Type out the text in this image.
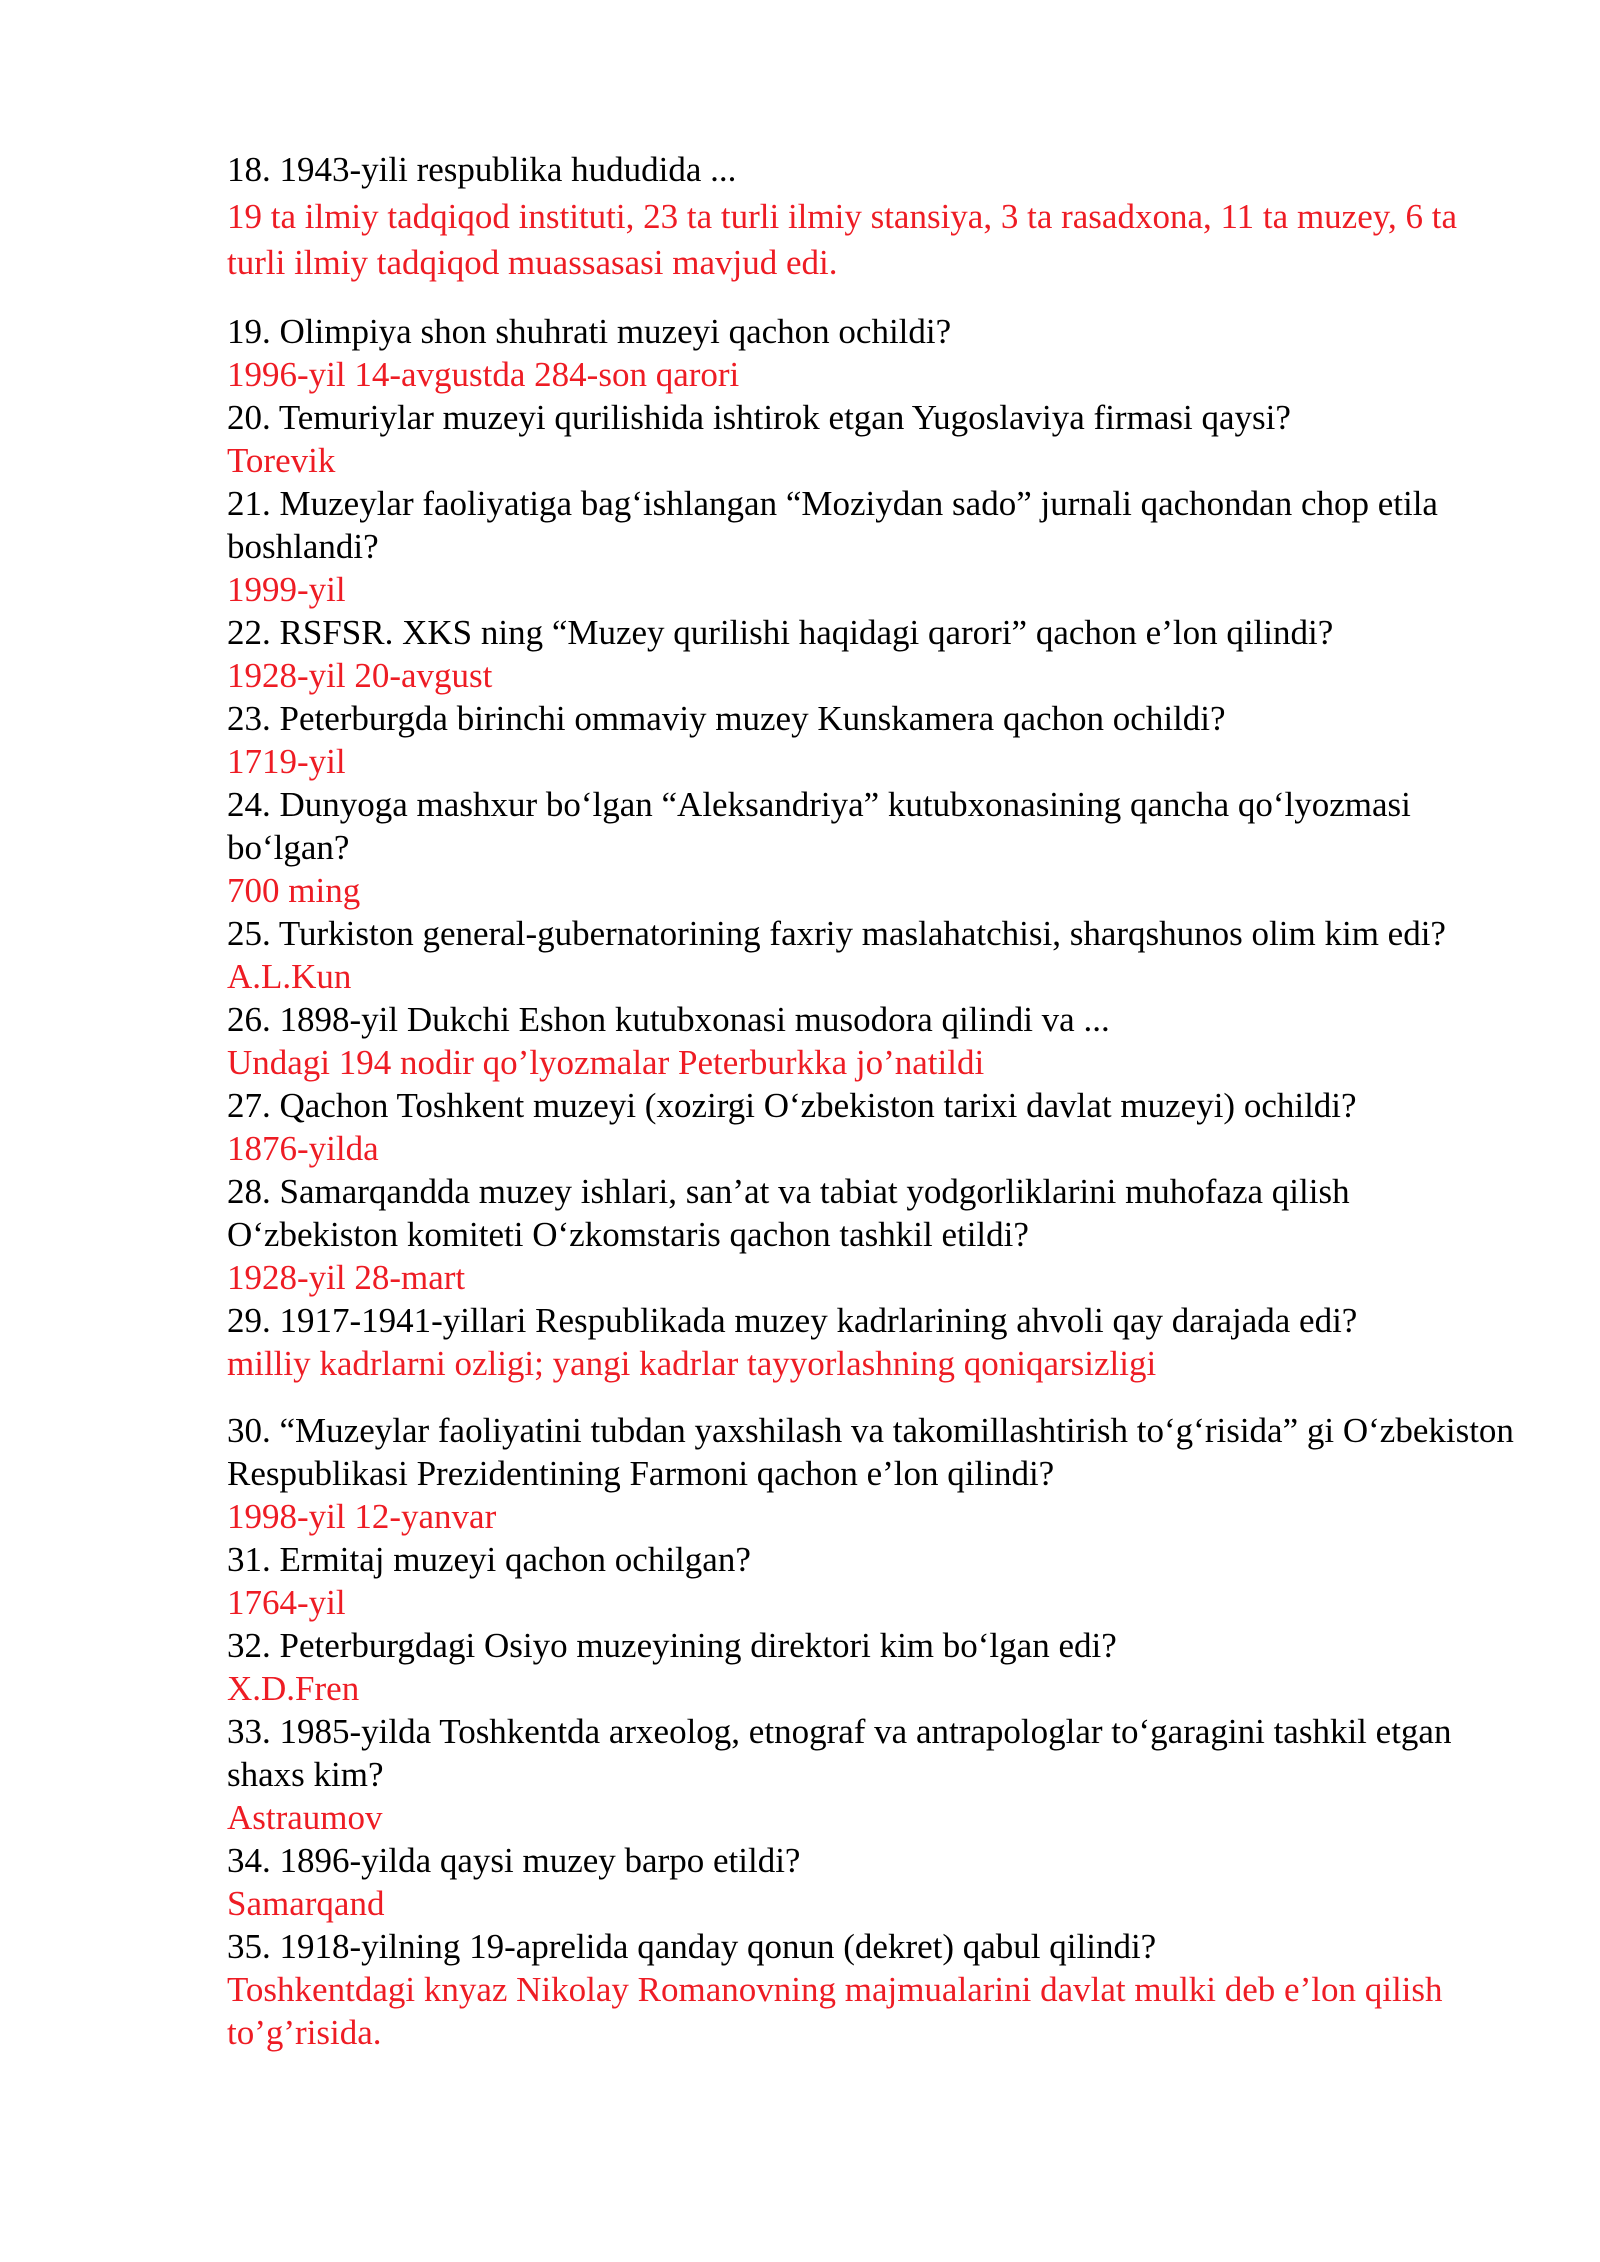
18. 1943-yili respublika hududida ...
19 ta ilmiy tadqiqod instituti, 23 ta turli ilmiy stansiya, 3 ta rasadxona, 11 ta muzey, 6 ta turli ilmiy tadqiqod muassasasi mavjud edi.
19. Olimpiya shon shuhrati muzeyi qachon ochildi?
1996-yil 14-avgustda 284-son qarori
20. Temuriylar muzeyi qurilishida ishtirok etgan Yugoslaviya firmasi qaysi?
Torevik
21. Muzeylar faoliyatiga bag‘ishlangan “Moziydan sado” jurnali qachondan chop etila boshlandi?
1999-yil
22. RSFSR. XKS ning “Muzey qurilishi haqidagi qarori” qachon e’lon qilindi?
1928-yil 20-avgust
23. Peterburgda birinchi ommaviy muzey Kunskamera qachon ochildi?
1719-yil
24. Dunyoga mashxur bo‘lgan “Aleksandriya” kutubxonasining qancha qo‘lyozmasi bo‘lgan?
700 ming
25. Turkiston general-gubernatorining faxriy maslahatchisi, sharqshunos olim kim edi?
A.L.Kun
26. 1898-yil Dukchi Eshon kutubxonasi musodora qilindi va ...
Undagi 194 nodir qo’lyozmalar Peterburkka jo’natildi
27. Qachon Toshkent muzeyi (xozirgi O‘zbekiston tarixi davlat muzeyi) ochildi?
1876-yilda
28. Samarqandda muzey ishlari, san’at va tabiat yodgorliklarini muhofaza qilish O‘zbekiston komiteti O‘zkomstaris qachon tashkil etildi?
1928-yil 28-mart
29. 1917-1941-yillari Respublikada muzey kadrlarining ahvoli qay darajada edi?
milliy kadrlarni ozligi; yangi kadrlar tayyorlashning qoniqarsizligi
30. “Muzeylar faoliyatini tubdan yaxshilash va takomillashtirish to‘g‘risida” gi O‘zbekiston Respublikasi Prezidentining Farmoni qachon e’lon qilindi?
1998-yil 12-yanvar
31. Ermitaj muzeyi qachon ochilgan?
1764-yil
32. Peterburgdagi Osiyo muzeyining direktori kim bo‘lgan edi?
X.D.Fren
33. 1985-yilda Toshkentda arxeolog, etnograf va antrapologlar to‘garagini tashkil etgan shaxs kim?
Astraumov
34. 1896-yilda qaysi muzey barpo etildi?
Samarqand
35. 1918-yilning 19-aprelida qanday qonun (dekret) qabul qilindi?
Toshkentdagi knyaz Nikolay Romanovning majmualarini davlat mulki deb e’lon qilish to’g’risida.
